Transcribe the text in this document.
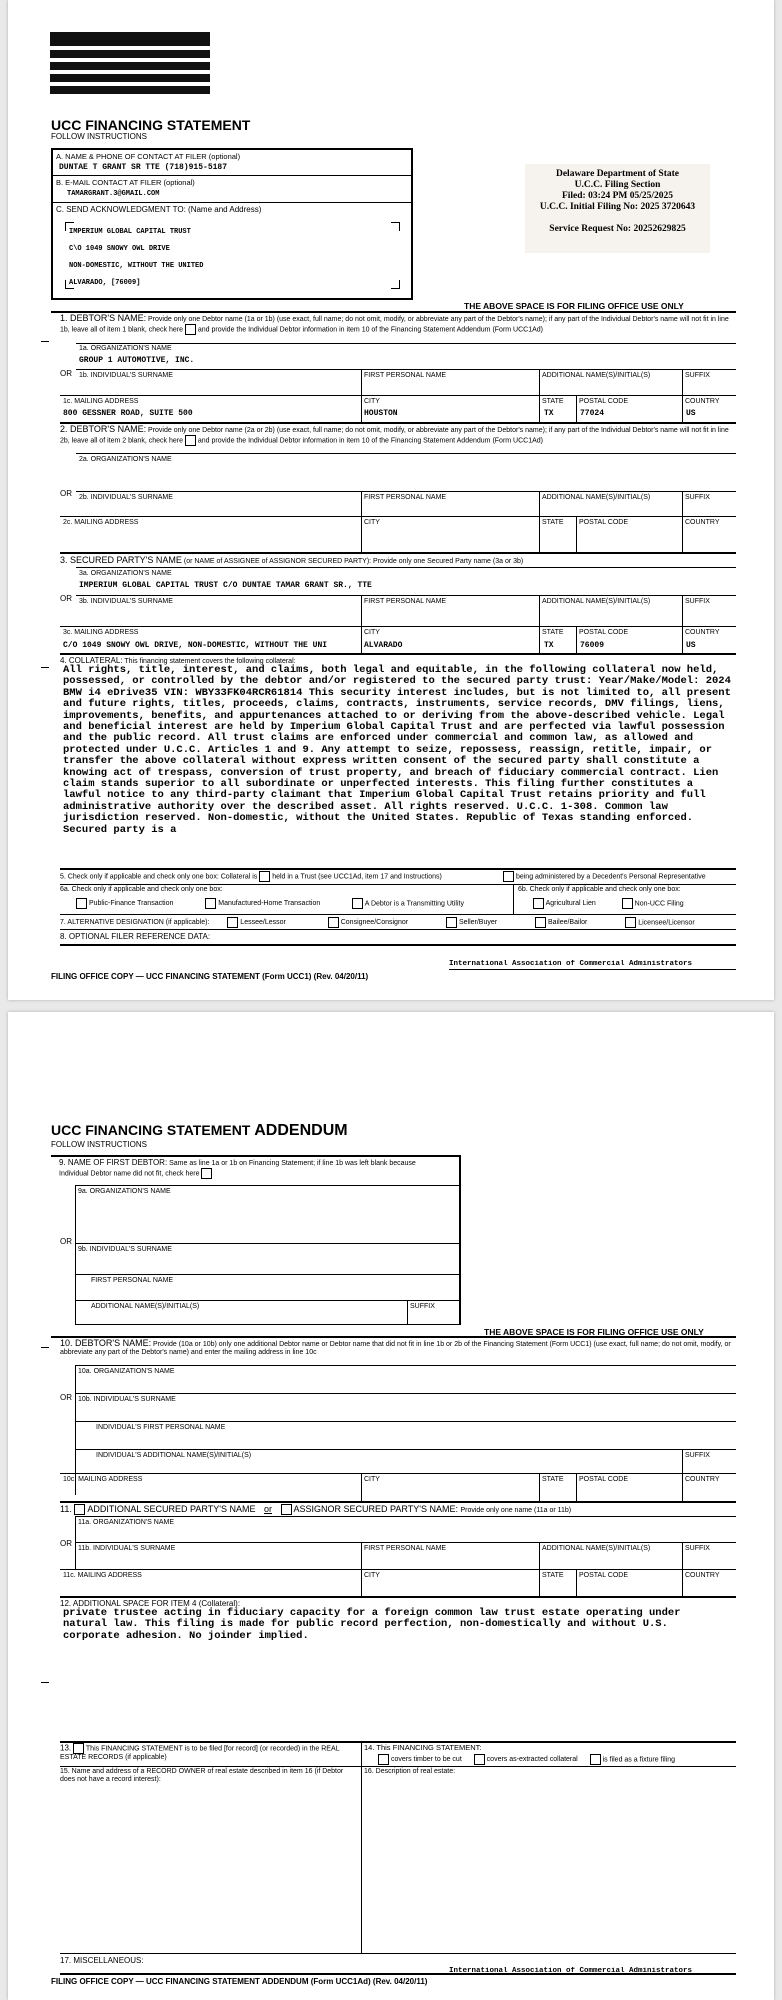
UCC FINANCING STATEMENT
FOLLOW INSTRUCTIONS
A. NAME & PHONE OF CONTACT AT FILER (optional)
DUNTAE T GRANT SR TTE (718)915-5187
B. E-MAIL CONTACT AT FILER (optional)
TAMARGRANT.3@GMAIL.COM
C. SEND ACKNOWLEDGMENT TO: (Name and Address)
IMPERIUM GLOBAL CAPITAL TRUST
C\O 1049 SNOWY OWL DRIVE
NON-DOMESTIC, WITHOUT THE UNITED
ALVARADO, [76009]
Delaware Department of State
U.C.C. Filing Section
Filed: 03:24 PM 05/25/2025
U.C.C. Initial Filing No: 2025 3720643
Service Request No: 20252629825
THE ABOVE SPACE IS FOR FILING OFFICE USE ONLY
1. DEBTOR'S NAME: Provide only one Debtor name (1a or 1b) (use exact, full name; do not omit, modify, or abbreviate any part of the Debtor's name); if any part of the Individual Debtor's name will not fit in line 1b, leave all of item 1 blank, check here and provide the Individual Debtor information in item 10 of the Financing Statement Addendum (Form UCC1Ad)
1a. ORGANIZATION'S NAME
GROUP 1 AUTOMOTIVE, INC.
OR 1b. INDIVIDUAL'S SURNAME	FIRST PERSONAL NAME	ADDITIONAL NAME(S)/INITIAL(S)	SUFFIX
1c. MAILING ADDRESS
800 GESSNER ROAD, SUITE 500
CITY
HOUSTON
STATE
TX
POSTAL CODE
77024
COUNTRY
US
2. DEBTOR'S NAME: Provide only one Debtor name (2a or 2b) (use exact, full name; do not omit, modify, or abbreviate any part of the Debtor's name); if any part of the Individual Debtor's name will not fit in line 2b, leave all of item 2 blank, check here and provide the Individual Debtor information in item 10 of the Financing Statement Addendum (Form UCC1Ad)
2a. ORGANIZATION'S NAME
OR 2b. INDIVIDUAL'S SURNAME	FIRST PERSONAL NAME	ADDITIONAL NAME(S)/INITIAL(S)	SUFFIX
2c. MAILING ADDRESS	CITY	STATE POSTAL CODE	COUNTRY
3. SECURED PARTY'S NAME (or NAME of ASSIGNEE of ASSIGNOR SECURED PARTY): Provide only one Secured Party name (3a or 3b)
3a. ORGANIZATION'S NAME
IMPERIUM GLOBAL CAPITAL TRUST C/O DUNTAE TAMAR GRANT SR., TTE
OR 3b. INDIVIDUAL'S SURNAME	FIRST PERSONAL NAME	ADDITIONAL NAME(S)/INITIAL(S)	SUFFIX
3c. MAILING ADDRESS
C/O 1049 SNOWY OWL DRIVE, NON-DOMESTIC, WITHOUT THE UNI
CITY
ALVARADO
STATE
TX
POSTAL CODE
76009
COUNTRY
US
4. COLLATERAL: This financing statement covers the following collateral:
All rights, title, interest, and claims, both legal and equitable, in the following collateral now held, possessed, or controlled by the debtor and/or registered to the secured party trust: Year/Make/Model: 2024 BMW i4 eDrive35 VIN: WBY33FK04RCR61814 This security interest includes, but is not limited to, all present and future rights, titles, proceeds, claims, contracts, instruments, service records, DMV filings, liens, improvements, benefits, and appurtenances attached to or deriving from the above-described vehicle. Legal and beneficial interest are held by Imperium Global Capital Trust and are perfected via lawful possession and the public record. All trust claims are enforced under commercial and common law, as allowed and protected under U.C.C. Articles 1 and 9. Any attempt to seize, repossess, reassign, retitle, impair, or transfer the above collateral without express written consent of the secured party shall constitute a knowing act of trespass, conversion of trust property, and breach of fiduciary commercial contract. Lien claim stands superior to all subordinate or unperfected interests. This filing further constitutes a lawful notice to any third-party claimant that Imperium Global Capital Trust retains priority and full administrative authority over the described asset. All rights reserved. U.C.C. 1-308. Common law jurisdiction reserved. Non-domestic, without the United States. Republic of Texas standing enforced. Secured party is a
5. Check only if applicable and check only one box: Collateral is held in a Trust (see UCC1Ad, item 17 and Instructions)	being administered by a Decedent's Personal Representative
6a. Check only if applicable and check only one box:	6b. Check only if applicable and check only one box:
Public-Finance Transaction	Manufactured-Home Transaction	A Debtor is a Transmitting Utility	Agricultural Lien	Non-UCC Filing
7. ALTERNATIVE DESIGNATION (if applicable):	Lessee/Lessor	Consignee/Consignor	Seller/Buyer	Bailee/Bailor	Licensee/Licensor
8. OPTIONAL FILER REFERENCE DATA:
International Association of Commercial Administrators
FILING OFFICE COPY — UCC FINANCING STATEMENT (Form UCC1) (Rev. 04/20/11)
UCC FINANCING STATEMENT ADDENDUM
FOLLOW INSTRUCTIONS
9. NAME OF FIRST DEBTOR: Same as line 1a or 1b on Financing Statement; if line 1b was left blank because Individual Debtor name did not fit, check here
9a. ORGANIZATION'S NAME
OR
9b. INDIVIDUAL'S SURNAME
FIRST PERSONAL NAME
ADDITIONAL NAME(S)/INITIAL(S)	SUFFIX
THE ABOVE SPACE IS FOR FILING OFFICE USE ONLY
10. DEBTOR'S NAME: Provide (10a or 10b) only one additional Debtor name or Debtor name that did not fit in line 1b or 2b of the Financing Statement (Form UCC1) (use exact, full name; do not omit, modify, or abbreviate any part of the Debtor's name) and enter the mailing address in line 10c
10a. ORGANIZATION'S NAME
OR 10b. INDIVIDUAL'S SURNAME
INDIVIDUAL'S FIRST PERSONAL NAME
INDIVIDUAL'S ADDITIONAL NAME(S)/INITIAL(S)	SUFFIX
10c. MAILING ADDRESS	CITY	STATE POSTAL CODE	COUNTRY
11. ADDITIONAL SECURED PARTY'S NAME or ASSIGNOR SECURED PARTY'S NAME: Provide only one name (11a or 11b)
11a. ORGANIZATION'S NAME
OR
11b. INDIVIDUAL'S SURNAME	FIRST PERSONAL NAME	ADDITIONAL NAME(S)/INITIAL(S)	SUFFIX
11c. MAILING ADDRESS	CITY	STATE POSTAL CODE	COUNTRY
12. ADDITIONAL SPACE FOR ITEM 4 (Collateral):
private trustee acting in fiduciary capacity for a foreign common law trust estate operating under natural law. This filing is made for public record perfection, non-domestically and without U.S. corporate adhesion. No joinder implied.
13. This FINANCING STATEMENT is to be filed [for record] (or recorded) in the REAL ESTATE RECORDS (if applicable)
14. This FINANCING STATEMENT:
covers timber to be cut	covers as-extracted collateral	is filed as a fixture filing
15. Name and address of a RECORD OWNER of real estate described in item 16 (if Debtor does not have a record interest):
16. Description of real estate:
17. MISCELLANEOUS:
International Association of Commercial Administrators
FILING OFFICE COPY — UCC FINANCING STATEMENT ADDENDUM (Form UCC1Ad) (Rev. 04/20/11)
